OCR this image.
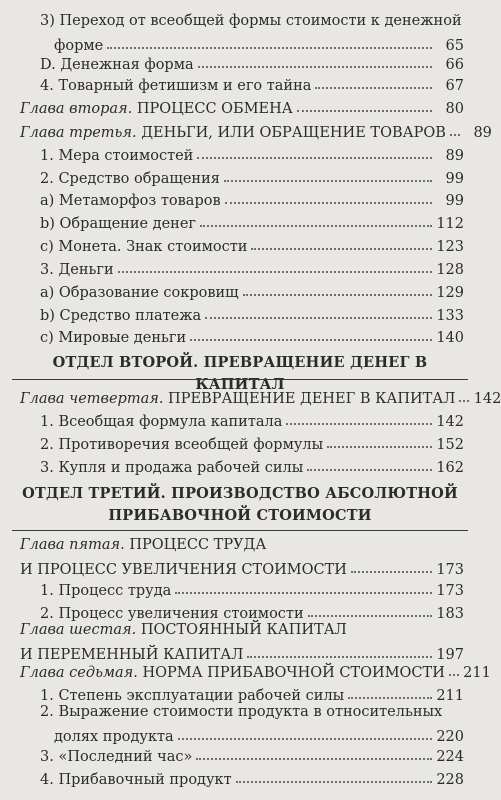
3) Переход от всеобщей формы стоимости к денежной
форме	65
D. Денежная форма	66
4. Товарный фетишизм и его тайна	67
Глава вторая.
ПРОЦЕСС ОБМЕНА	80
Глава третья.
ДЕНЬГИ, ИЛИ ОБРАЩЕНИЕ ТОВАРОВ	89
1. Мера стоимостей	89
2. Средство обращения	99
a) Метаморфоз товаров	99
b) Обращение денег	112
c) Монета. Знак стоимости	123
3. Деньги	128
a) Образование сокровищ	129
b) Средство платежа	133
c) Мировые деньги	140
ОТДЕЛ ВТОРОЙ. ПРЕВРАЩЕНИЕ ДЕНЕГ В КАПИТАЛ
Глава четвертая.
ПРЕВРАЩЕНИЕ ДЕНЕГ В КАПИТАЛ 142
1. Всеобщая формула капитала	142
2. Противоречия всеобщей формулы	152
3. Купля и продажа рабочей силы	162
ОТДЕЛ ТРЕТИЙ. ПРОИЗВОДСТВО АБСОЛЮТНОЙ
ПРИБАВОЧНОЙ СТОИМОСТИ
Глава пятая. ПРОЦЕСС ТРУДА
И ПРОЦЕСС УВЕЛИЧЕНИЯ СТОИМОСТИ	173
1. Процесс труда	173
2. Процесс увеличения стоимости	183
Глава шестая. ПОСТОЯННЫЙ КАПИТАЛ
И ПЕРЕМЕННЫЙ КАПИТАЛ	197
Глава седьмая.
НОРМА ПРИБАВОЧНОЙ СТОИМОСТИ 211
1. Степень эксплуатации рабочей силы	211
2. Выражение стоимости продукта в относительных
долях продукта	220
3. «Последний час»	224
4. Прибавочный продукт	228
